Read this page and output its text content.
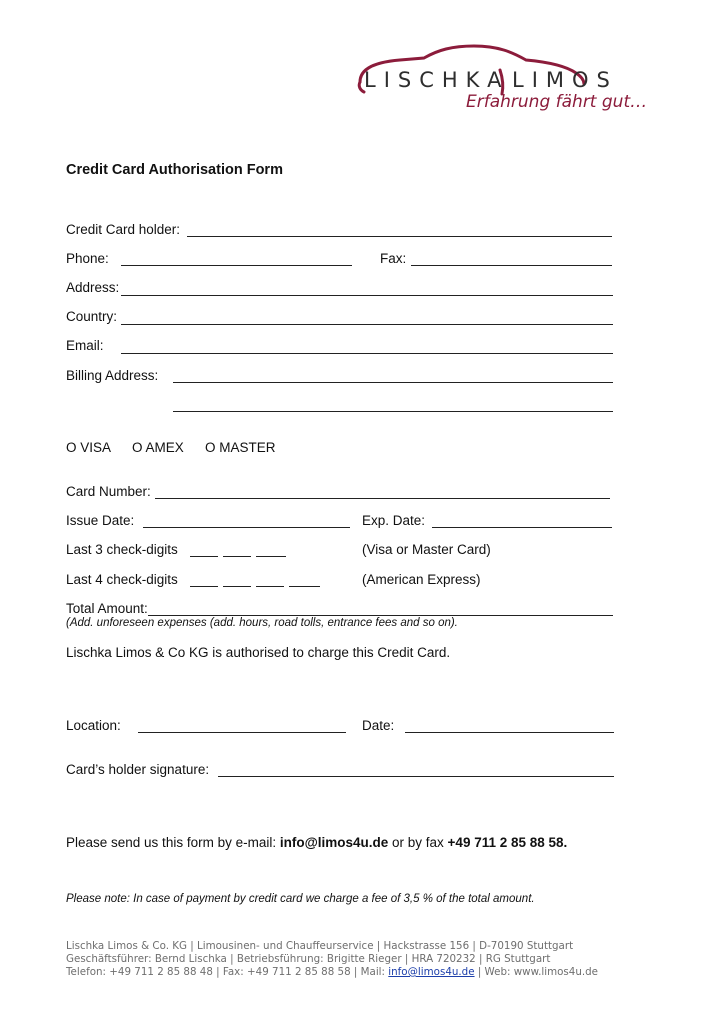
LISCHKA LIMOS
Erfahrung fährt gut…
Credit Card Authorisation Form
Credit Card holder:
Phone:	Fax:
Address:
Country:
Email:
Billing Address:
O VISA O AMEX O MASTER
Card Number:
Issue Date:	Exp. Date:
Last 3 check-digits	(Visa or Master Card)
Last 4 check-digits	(American Express)
Total Amount:
(Add. unforeseen expenses (add. hours, road tolls, entrance fees and so on).
Lischka Limos & Co KG is authorised to charge this Credit Card.
Location:	Date:
Card’s holder signature:
Please send us this form by e-mail: info@limos4u.de or by fax +49 711 2 85 88 58.
Please note: In case of payment by credit card we charge a fee of 3,5 % of the total amount.
Lischka Limos & Co. KG | Limousinen- und Chauffeurservice | Hackstrasse 156 | D-70190 Stuttgart
Geschäftsführer: Bernd Lischka | Betriebsführung: Brigitte Rieger | HRA 720232 | RG Stuttgart
Telefon: +49 711 2 85 88 48 | Fax: +49 711 2 85 88 58 | Mail: info@limos4u.de | Web: www.limos4u.de
